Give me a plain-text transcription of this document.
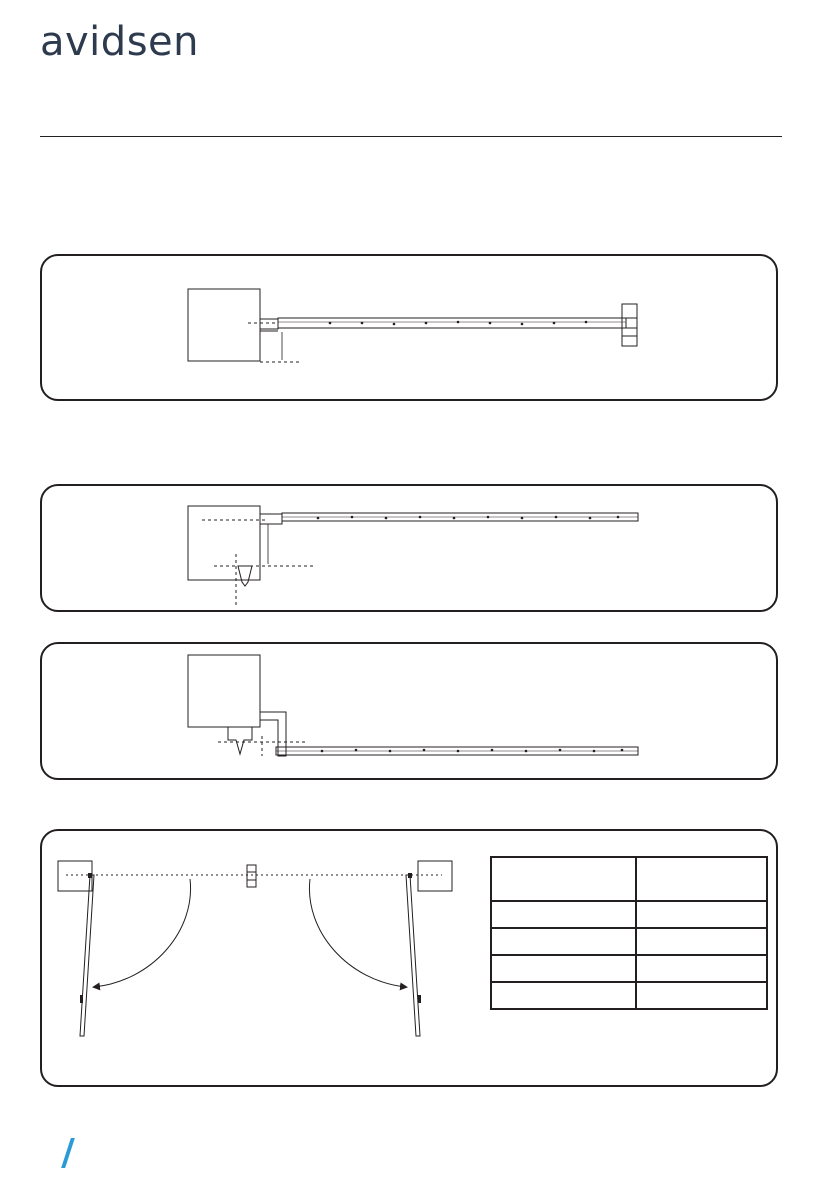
avidsen
